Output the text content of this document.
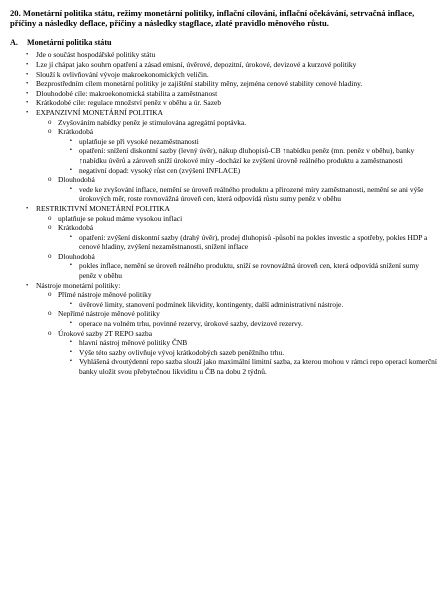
20. Monetární politika státu, režimy monetární politiky, inflační cílování, inflační očekávání, setrvačná inflace, příčiny a následky deflace, příčiny a následky stagflace, zlaté pravidlo měnového růstu.
A. Monetární politika státu
• Jde o součást hospodářské politiky státu
• Lze jí chápat jako souhrn opatření a zásad emisní, úvěrové, depozitní, úrokové, devizové a kurzové politiky
• Slouží k ovlivňování vývoje makroekonomických veličin.
• Bezprostředním cílem monetární politiky je zajištění stability měny, zejména cenové stability cenové hladiny.
• Dlouhodobé cíle: makroekonomická stabilita a zaměstnanost
• Krátkodobé cíle: regulace množství peněz v oběhu a úr. Sazeb
• EXPANZIVNÍ MONETÁRNÍ POLITIKA
o Zvyšováním nabídky peněz je stimulována agregátní poptávka.
o Krátkodobá
▪ uplatňuje se při vysoké nezaměstnanosti
▪ opatření: snížení diskontní sazby (levný úvěr), nákup dluhopisů-CB ↑nabídku peněz (mn. peněz v oběhu), banky ↑nabídku úvěrů a zároveň sníží úrokové míry -dochází ke zvýšení úrovně reálného produktu a zaměstnanosti
▪ negativní dopad: vysoký růst cen (zvýšení INFLACE)
o Dlouhodobá
▪ vede ke zvyšování inflace, nemění se úroveň reálného produktu a přirozené míry zaměstnanosti, nemění se ani výše úrokových měr, roste rovnovážná úroveň cen, která odpovídá růstu sumy peněz v oběhu
• RESTRIKTIVNÍ MONETÁRNÍ POLITIKA
o uplatňuje se pokud máme vysokou inflaci
o Krátkodobá
▪ opatření: zvýšení diskontní sazby (drahý úvěr), prodej dluhopisů -působí na pokles investic a spotřeby, pokles HDP a cenové hladiny, zvýšení nezaměstnanosti, snížení inflace
o Dlouhodobá
▪ pokles inflace, nemění se úroveň reálného produktu, sníží se rovnovážná úroveň cen, která odpovídá snížení sumy peněz v oběhu
• Nástroje monetární politiky:
o Přímé nástroje měnové politiky
▪ úvěrové limity, stanovení podmínek likvidity, kontingenty, další administrativní nástroje.
o Nepřímé nástroje měnové politiky
▪ operace na volném trhu, povinné rezervy, úrokové sazby, devizové rezervy.
o Úrokové sazby 2T REPO sazba
▪ hlavní nástroj měnové politiky ČNB
▪ Výše této sazby ovlivňuje vývoj krátkodobých sazeb peněžního trhu.
▪ Vyhlášená dvoutýdenní repo sazba slouží jako maximální limitní sazba, za kterou mohou v rámci repo operací komerční banky uložit svou přebytečnou likviditu u ČB na dobu 2 týdnů.
